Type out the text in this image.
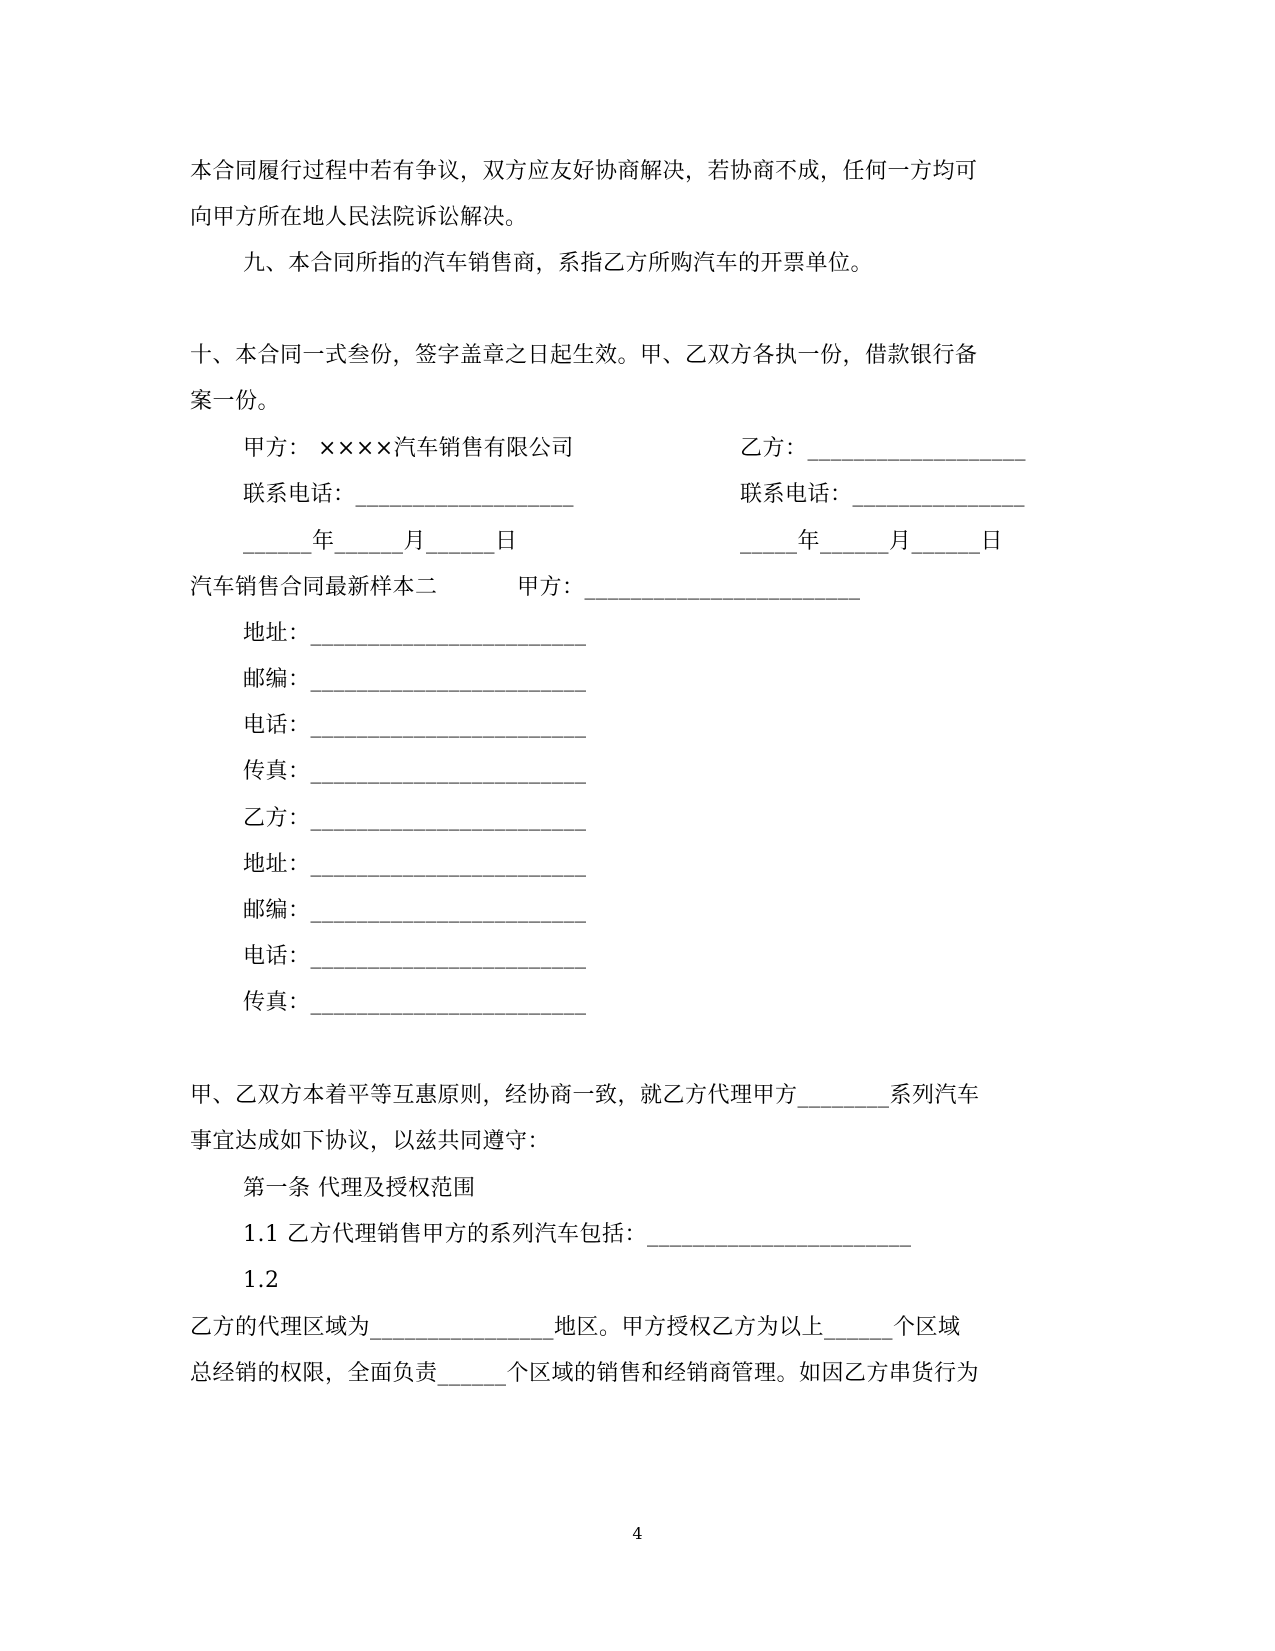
本合同履行过程中若有争议，双方应友好协商解决，若协商不成，任何一方均可
向甲方所在地人民法院诉讼解决。
九、本合同所指的汽车销售商，系指乙方所购汽车的开票单位。
十、本合同一式叁份，签字盖章之日起生效。甲、乙双方各执一份，借款银行备
案一份。
甲方： ××××汽车销售有限公司	乙方：___________________
联系电话：___________________	联系电话：_______________
______年______月______日	_____年______月______日
汽车销售合同最新样本二	甲方：________________________
地址：________________________
邮编：________________________
电话：________________________
传真：________________________
乙方：________________________
地址：________________________
邮编：________________________
电话：________________________
传真：________________________
甲、乙双方本着平等互惠原则，经协商一致，就乙方代理甲方________系列汽车
事宜达成如下协议，以兹共同遵守：
第一条 代理及授权范围
1.1 乙方代理销售甲方的系列汽车包括：_______________________
1.2
乙方的代理区域为________________地区。甲方授权乙方为以上______个区域
总经销的权限，全面负责______个区域的销售和经销商管理。如因乙方串货行为
4
